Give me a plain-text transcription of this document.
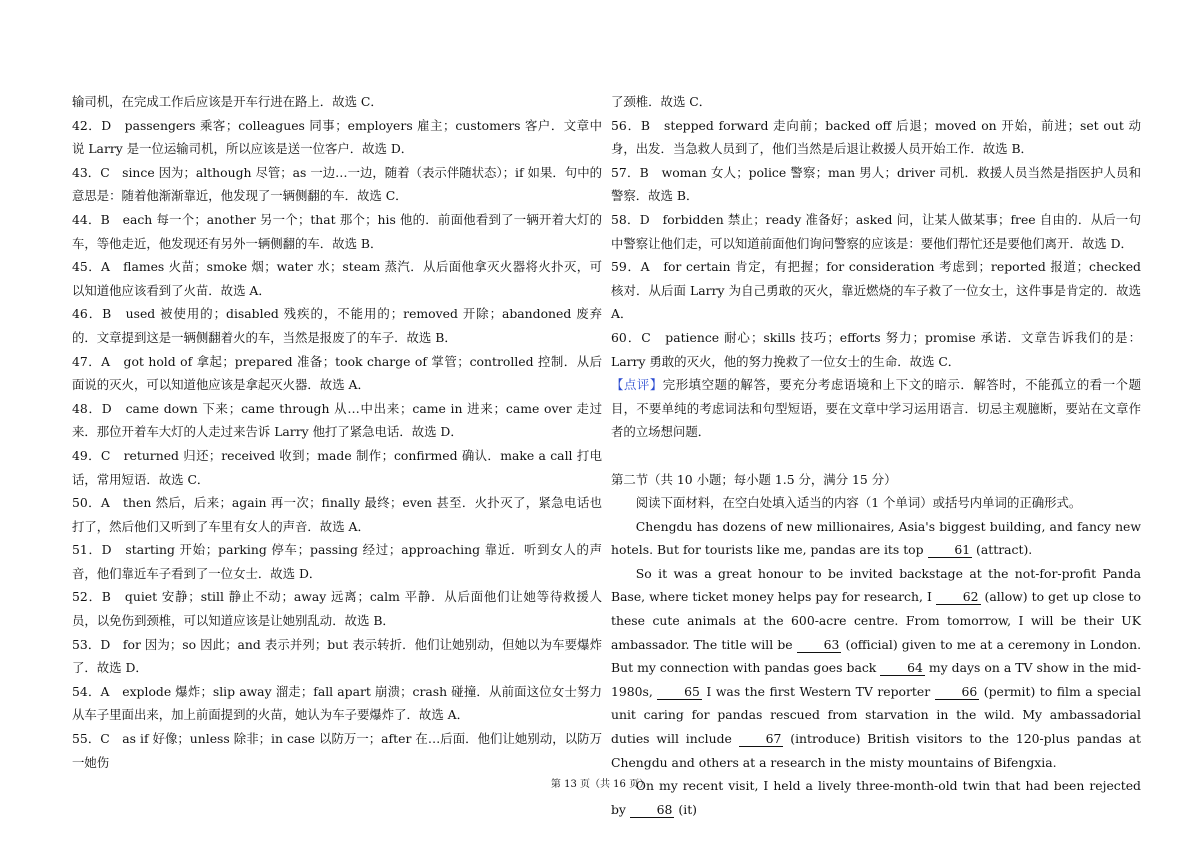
输司机，在完成工作后应该是开车行进在路上．故选 C．

42．D　passengers 乘客；colleagues 同事；employers 雇主；customers 客户．文章中说 Larry 是一位运输司机，所以应该是送一位客户．故选 D．

43．C　since 因为；although 尽管；as 一边…一边，随着（表示伴随状态）；if 如果．句中的意思是：随着他渐渐靠近，他发现了一辆侧翻的车．故选 C．

44．B　each 每一个；another 另一个；that 那个；his 他的．前面他看到了一辆开着大灯的车，等他走近，他发现还有另外一辆侧翻的车．故选 B．

45．A　flames 火苗；smoke 烟；water 水；steam 蒸汽．从后面他拿灭火器将火扑灭，可以知道他应该看到了火苗．故选 A．

46．B　used 被使用的；disabled 残疾的，不能用的；removed 开除；abandoned 废弃的．文章提到这是一辆侧翻着火的车，当然是报废了的车子．故选 B．

47．A　got hold of 拿起；prepared 准备；took charge of 掌管；controlled 控制．从后面说的灭火，可以知道他应该是拿起灭火器．故选 A．

48．D　came down 下来；came through 从…中出来；came in 进来；came over 走过来．那位开着车大灯的人走过来告诉 Larry 他打了紧急电话．故选 D．

49．C　returned 归还；received 收到；made 制作；confirmed 确认．make a call 打电话，常用短语．故选 C．

50．A　then 然后，后来；again 再一次；finally 最终；even 甚至．火扑灭了，紧急电话也打了，然后他们又听到了车里有女人的声音．故选 A．

51．D　starting 开始；parking 停车；passing 经过；approaching 靠近．听到女人的声音，他们靠近车子看到了一位女士．故选 D．

52．B　quiet 安静；still 静止不动；away 远离；calm 平静．从后面他们让她等待救援人员，以免伤到颈椎，可以知道应该是让她别乱动．故选 B．

53．D　for 因为；so 因此；and 表示并列；but 表示转折．他们让她别动，但她以为车要爆炸了．故选 D．

54．A　explode 爆炸；slip away 溜走；fall apart 崩溃；crash 碰撞．从前面这位女士努力从车子里面出来，加上前面提到的火苗，她认为车子要爆炸了．故选 A．

55．C　as if 好像；unless 除非；in case 以防万一；after 在…后面．他们让她别动，以防万一她伤

了颈椎．故选 C．

56．B　stepped forward 走向前；backed off 后退；moved on 开始，前进；set out 动身，出发．当急救人员到了，他们当然是后退让救援人员开始工作．故选 B．

57．B　woman 女人；police 警察；man 男人；driver 司机．救援人员当然是指医护人员和警察．故选 B．

58．D　forbidden 禁止；ready 准备好；asked 问，让某人做某事；free 自由的．从后一句中警察让他们走，可以知道前面他们询问警察的应该是：要他们帮忙还是要他们离开．故选 D．

59．A　for certain 肯定，有把握；for consideration 考虑到；reported 报道；checked 核对．从后面 Larry 为自己勇敢的灭火，靠近燃烧的车子救了一位女士，这件事是肯定的．故选 A．

60．C　patience 耐心；skills 技巧；efforts 努力；promise 承诺．文章告诉我们的是：Larry 勇敢的灭火，他的努力挽救了一位女士的生命．故选 C．

【点评】完形填空题的解答，要充分考虑语境和上下文的暗示．解答时，不能孤立的看一个题目，不要单纯的考虑词法和句型短语，要在文章中学习运用语言．切忌主观臆断，要站在文章作者的立场想问题．

第二节（共 10 小题；每小题 1.5 分，满分 15 分）

阅读下面材料，在空白处填入适当的内容（1 个单词）或括号内单词的正确形式。

Chengdu has dozens of new millionaires, Asia's biggest building, and fancy new hotels. But for tourists like me, pandas are its top 61 (attract).

So it was a great honour to be invited backstage at the not-for-profit Panda Base, where ticket money helps pay for research, I 62 (allow) to get up close to these cute animals at the 600-acre centre. From tomorrow, I will be their UK ambassador. The title will be 63 (official) given to me at a ceremony in London. But my connection with pandas goes back 64 my days on a TV show in the mid-1980s, 65 I was the first Western TV reporter 66 (permit) to film a special unit caring for pandas rescued from starvation in the wild. My ambassadorial duties will include 67 (introduce) British visitors to the 120-plus pandas at Chengdu and others at a research in the misty mountains of Bifengxia.

On my recent visit, I held a lively three-month-old twin that had been rejected by 68 (it)

第 13 页（共 16 页）
